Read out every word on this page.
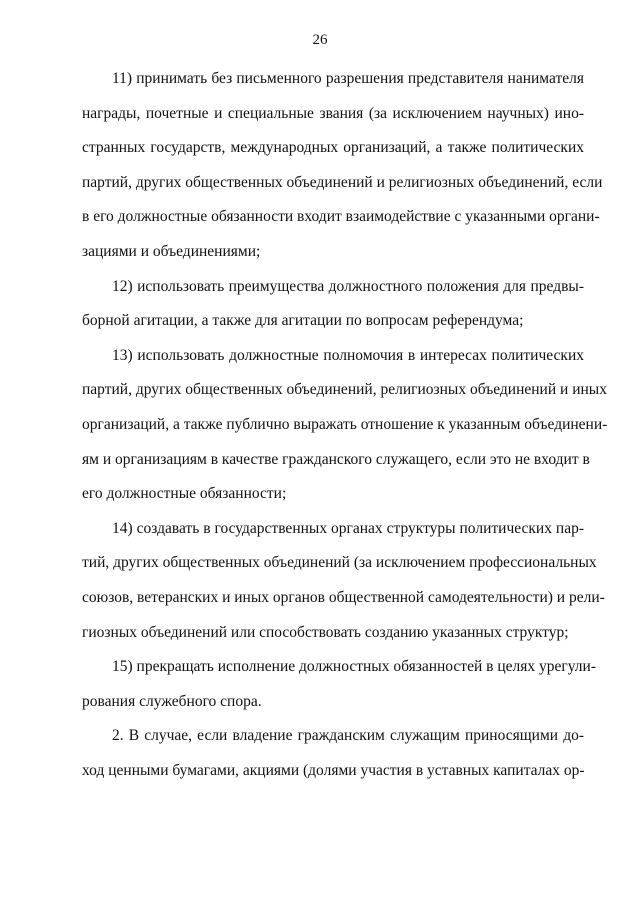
26
11) принимать без письменного разрешения представителя нанимателя
награды, почетные и специальные звания (за исключением научных) ино-
странных государств, международных организаций, а также политических
партий, других общественных объединений и религиозных объединений, если
в его должностные обязанности входит взаимодействие с указанными органи-
зациями и объединениями;
12) использовать преимущества должностного положения для предвы-
борной агитации, а также для агитации по вопросам референдума;
13) использовать должностные полномочия в интересах политических
партий, других общественных объединений, религиозных объединений и иных
организаций, а также публично выражать отношение к указанным объединени-
ям и организациям в качестве гражданского служащего, если это не входит в
его должностные обязанности;
14) создавать в государственных органах структуры политических пар-
тий, других общественных объединений (за исключением профессиональных
союзов, ветеранских и иных органов общественной самодеятельности) и рели-
гиозных объединений или способствовать созданию указанных структур;
15) прекращать исполнение должностных обязанностей в целях урегули-
рования служебного спора.
2. В случае, если владение гражданским служащим приносящими до-
ход ценными бумагами, акциями (долями участия в уставных капиталах ор-
